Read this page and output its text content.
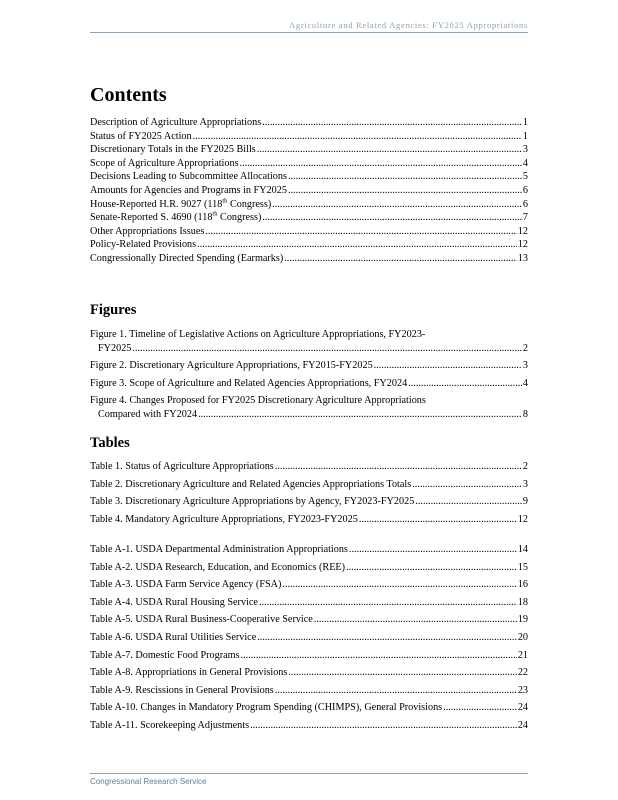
Agriculture and Related Agencies: FY2025 Appropriations
Contents
Description of Agriculture Appropriations .....	1
Status of FY2025 Action .....	1
Discretionary Totals in the FY2025 Bills .....	3
Scope of Agriculture Appropriations .....	4
Decisions Leading to Subcommittee Allocations .....	5
Amounts for Agencies and Programs in FY2025 .....	6
House-Reported H.R. 9027 (118th Congress) .....	6
Senate-Reported S. 4690 (118th Congress) .....	7
Other Appropriations Issues .....	12
Policy-Related Provisions .....	12
Congressionally Directed Spending (Earmarks) .....	13
Figures
Figure 1. Timeline of Legislative Actions on Agriculture Appropriations, FY2023-
FY2025 .....	2
Figure 2. Discretionary Agriculture Appropriations, FY2015-FY2025 .....	3
Figure 3. Scope of Agriculture and Related Agencies Appropriations, FY2024 .....	4
Figure 4. Changes Proposed for FY2025 Discretionary Agriculture Appropriations
Compared with FY2024 .....	8
Tables
Table 1. Status of Agriculture Appropriations .....	2
Table 2. Discretionary Agriculture and Related Agencies Appropriations Totals .....	3
Table 3. Discretionary Agriculture Appropriations by Agency, FY2023-FY2025 .....	9
Table 4. Mandatory Agriculture Appropriations, FY2023-FY2025 .....	12
Table A-1. USDA Departmental Administration Appropriations .....	14
Table A-2. USDA Research, Education, and Economics (REE) .....	15
Table A-3. USDA Farm Service Agency (FSA) .....	16
Table A-4. USDA Rural Housing Service .....	18
Table A-5. USDA Rural Business-Cooperative Service .....	19
Table A-6. USDA Rural Utilities Service .....	20
Table A-7. Domestic Food Programs .....	21
Table A-8. Appropriations in General Provisions .....	22
Table A-9. Rescissions in General Provisions .....	23
Table A-10. Changes in Mandatory Program Spending (CHIMPS), General Provisions .....	24
Table A-11. Scorekeeping Adjustments .....	24
Congressional Research Service
